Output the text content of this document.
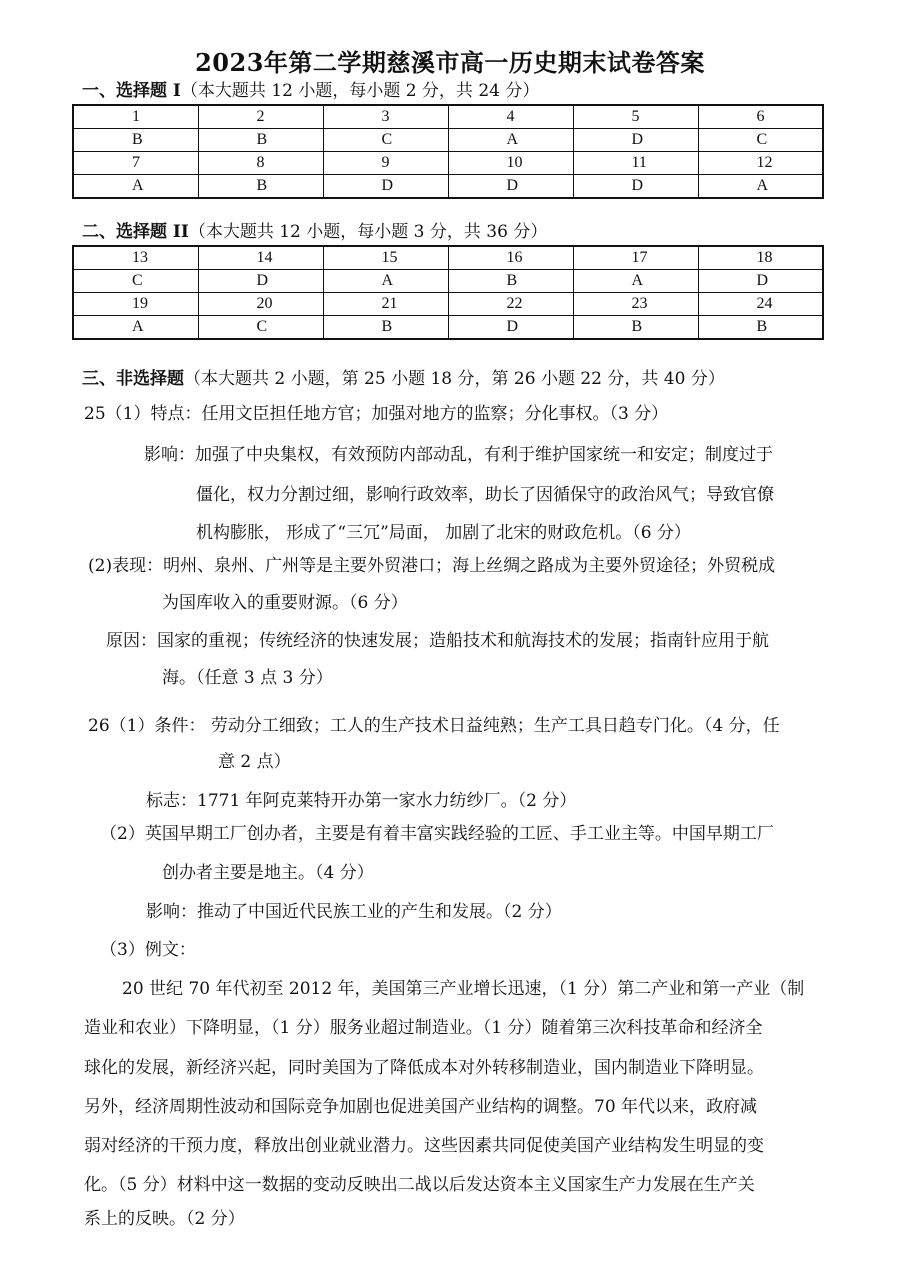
2023年第二学期慈溪市高一历史期末试卷答案
一、选择题 I（本大题共 12 小题，每小题 2 分，共 24 分）
1	2	3	4	5	6
B	B	C	A	D	C
7	8	9	10	11	12
A	B	D	D	D	A
二、选择题 II（本大题共 12 小题，每小题 3 分，共 36 分）
13	14	15	16	17	18
C	D	A	B	A	D
19	20	21	22	23	24
A	C	B	D	B	B
三、非选择题（本大题共 2 小题，第 25 小题 18 分，第 26 小题 22 分，共 40 分）
25（1）特点：任用文臣担任地方官；加强对地方的监察；分化事权。（3 分）
影响：加强了中央集权，有效预防内部动乱，有利于维护国家统一和安定；制度过于
僵化，权力分割过细，影响行政效率，助长了因循保守的政治风气；导致官僚
机构膨胀， 形成了“三冗”局面， 加剧了北宋的财政危机。（6 分）
(2)表现：明州、泉州、广州等是主要外贸港口；海上丝绸之路成为主要外贸途径；外贸税成
为国库收入的重要财源。（6 分）
原因：国家的重视；传统经济的快速发展；造船技术和航海技术的发展；指南针应用于航
海。（任意 3 点 3 分）
26（1）条件： 劳动分工细致；工人的生产技术日益纯熟；生产工具日趋专门化。（4 分，任
意 2 点）
标志：1771 年阿克莱特开办第一家水力纺纱厂。（2 分）
（2）英国早期工厂创办者，主要是有着丰富实践经验的工匠、手工业主等。中国早期工厂
创办者主要是地主。（4 分）
影响：推动了中国近代民族工业的产生和发展。（2 分）
（3）例文：
20 世纪 70 年代初至 2012 年，美国第三产业增长迅速，（1 分）第二产业和第一产业（制
造业和农业）下降明显，（1 分）服务业超过制造业。（1 分）随着第三次科技革命和经济全
球化的发展，新经济兴起，同时美国为了降低成本对外转移制造业，国内制造业下降明显。
另外，经济周期性波动和国际竞争加剧也促进美国产业结构的调整。70 年代以来，政府减
弱对经济的干预力度，释放出创业就业潜力。这些因素共同促使美国产业结构发生明显的变
化。（5 分）材料中这一数据的变动反映出二战以后发达资本主义国家生产力发展在生产关
系上的反映。（2 分）
